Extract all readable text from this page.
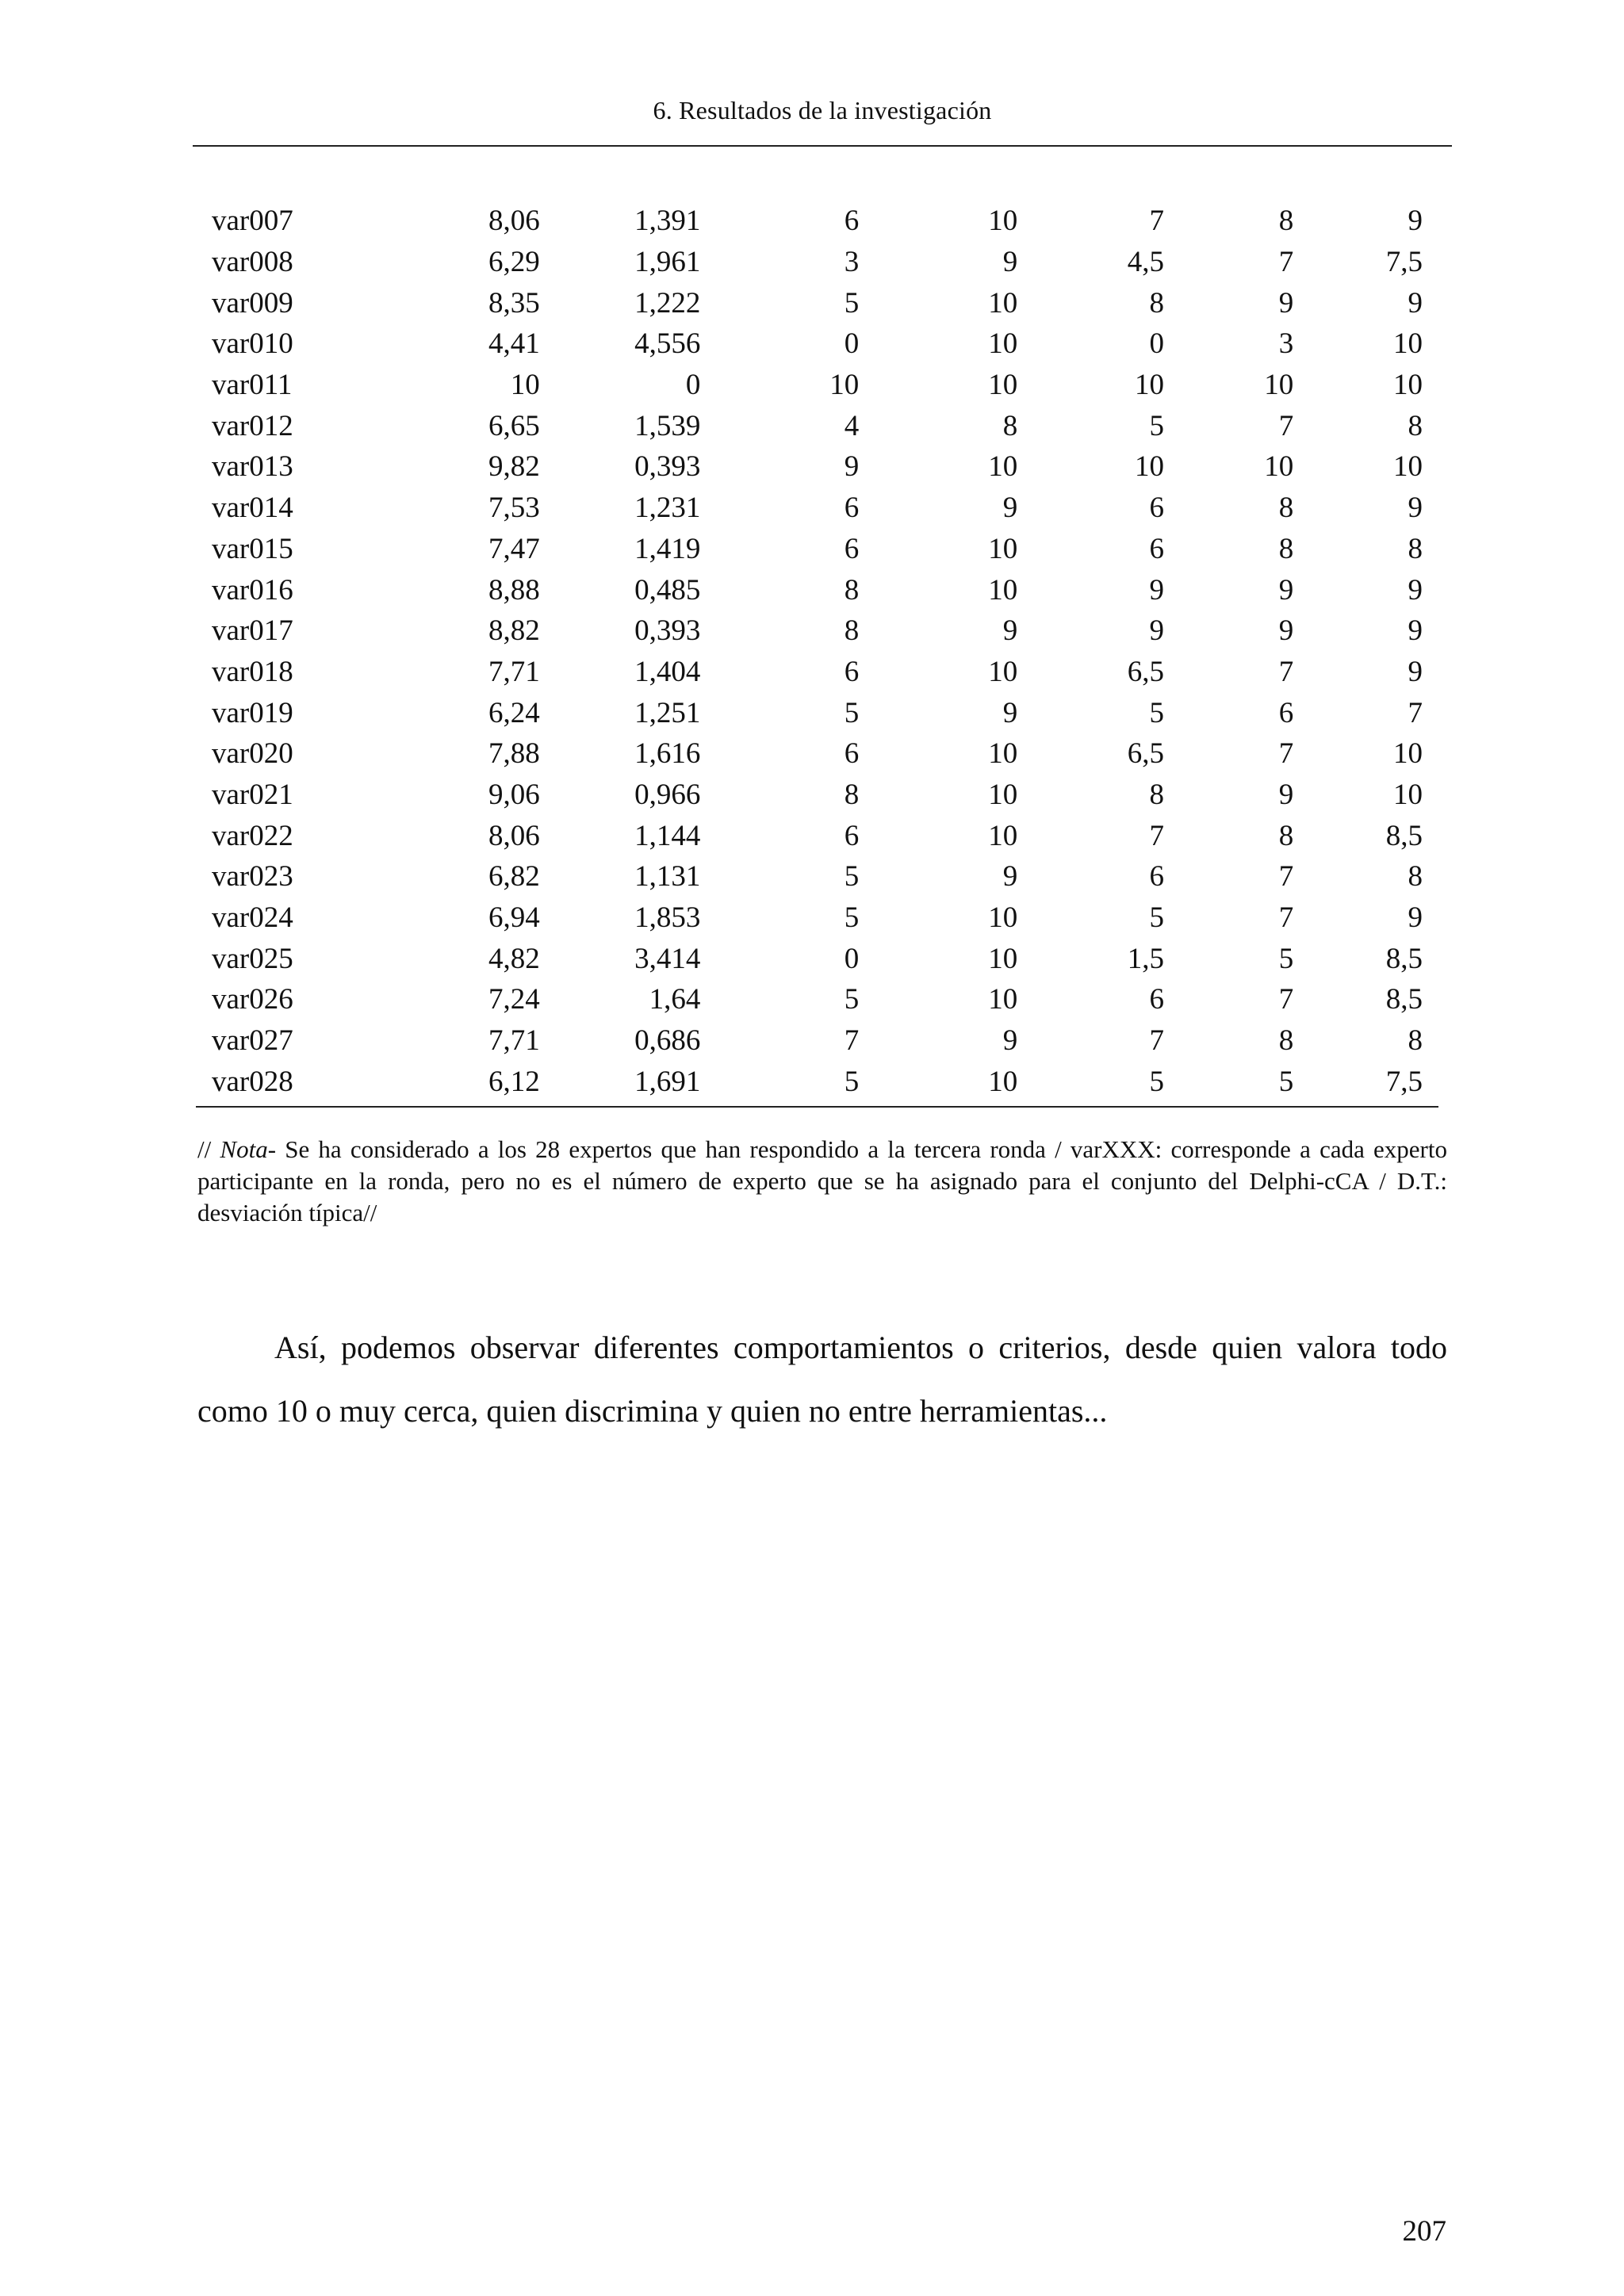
6. Resultados de la investigación
var007	8,06	1,391	6	10	7	8	9
var008	6,29	1,961	3	9	4,5	7	7,5
var009	8,35	1,222	5	10	8	9	9
var010	4,41	4,556	0	10	0	3	10
var011	10	0	10	10	10	10	10
var012	6,65	1,539	4	8	5	7	8
var013	9,82	0,393	9	10	10	10	10
var014	7,53	1,231	6	9	6	8	9
var015	7,47	1,419	6	10	6	8	8
var016	8,88	0,485	8	10	9	9	9
var017	8,82	0,393	8	9	9	9	9
var018	7,71	1,404	6	10	6,5	7	9
var019	6,24	1,251	5	9	5	6	7
var020	7,88	1,616	6	10	6,5	7	10
var021	9,06	0,966	8	10	8	9	10
var022	8,06	1,144	6	10	7	8	8,5
var023	6,82	1,131	5	9	6	7	8
var024	6,94	1,853	5	10	5	7	9
var025	4,82	3,414	0	10	1,5	5	8,5
var026	7,24	1,64	5	10	6	7	8,5
var027	7,71	0,686	7	9	7	8	8
var028	6,12	1,691	5	10	5	5	7,5
// Nota- Se ha considerado a los 28 expertos que han respondido a la tercera ronda / varXXX: corresponde a cada experto participante en la ronda, pero no es el número de experto que se ha asignado para el conjunto del Delphi-cCA / D.T.: desviación típica//

Así, podemos observar diferentes comportamientos o criterios, desde quien valora todo como 10 o muy cerca, quien discrimina y quien no entre herramientas...

207
